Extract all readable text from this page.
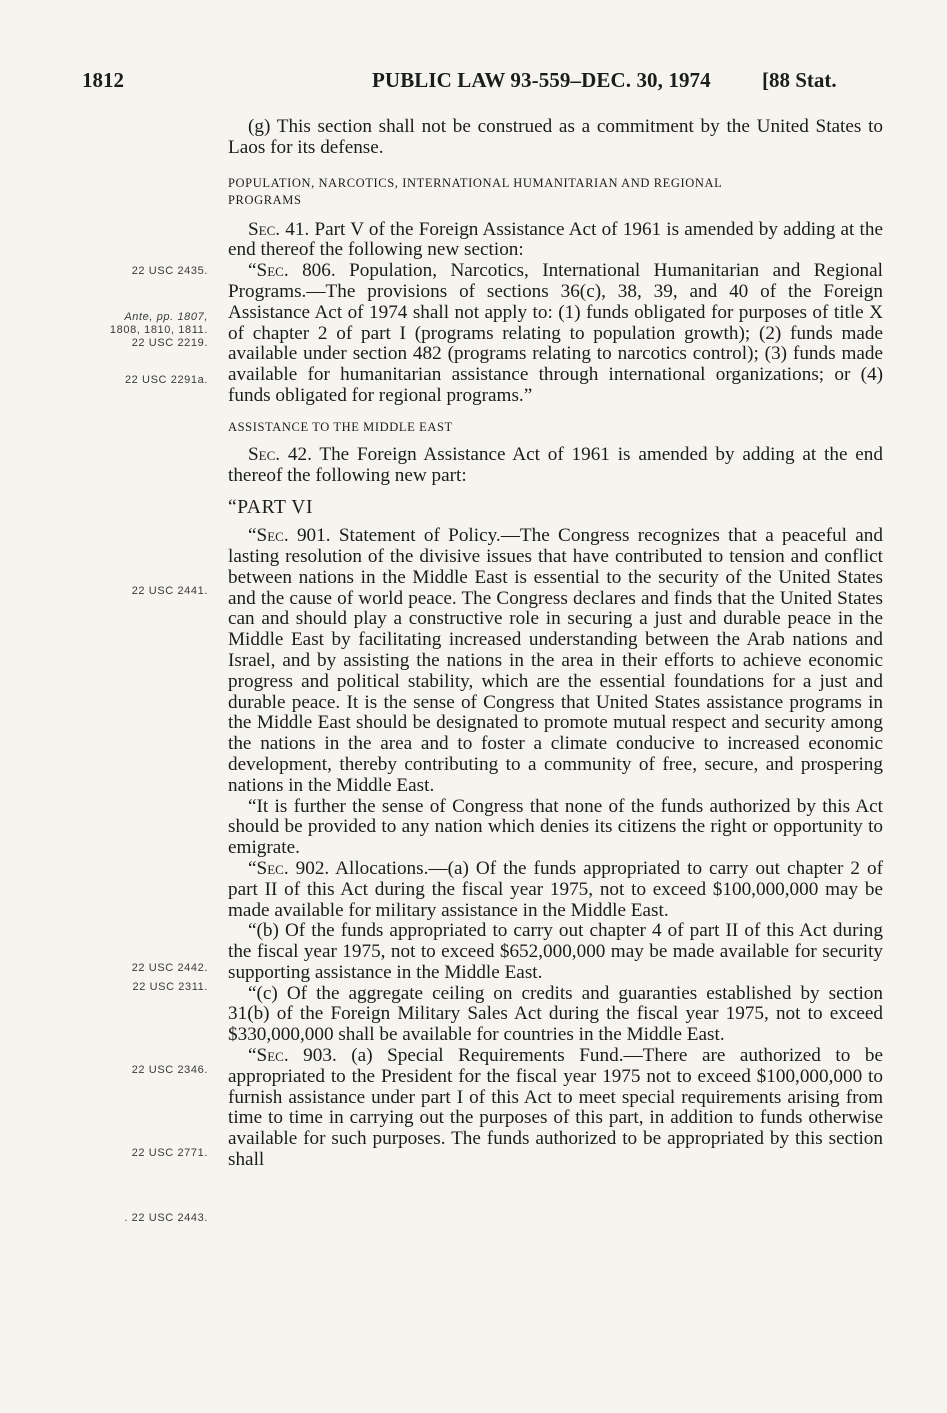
1812	PUBLIC LAW 93-559–DEC. 30, 1974 [88 Stat.
22 USC 2435.
Ante, pp. 1807,
1808, 1810, 1811.
22 USC 2219.
22 USC 2291a.
22 USC 2441.
22 USC 2442.
22 USC 2311.
22 USC 2346.
22 USC 2771.
. 22 USC 2443.

(g) This section shall not be construed as a commitment by the United States to Laos for its defense.

POPULATION, NARCOTICS, INTERNATIONAL HUMANITARIAN AND REGIONAL
PROGRAMS

Sec. 41. Part V of the Foreign Assistance Act of 1961 is amended by adding at the end thereof the following new section:

“Sec. 806. Population, Narcotics, International Humanitarian and Regional Programs.—The provisions of sections 36(c), 38, 39, and 40 of the Foreign Assistance Act of 1974 shall not apply to: (1) funds obligated for purposes of title X of chapter 2 of part I (programs relating to population growth); (2) funds made available under section 482 (programs relating to narcotics control); (3) funds made available for humanitarian assistance through international organizations; or (4) funds obligated for regional programs.”

ASSISTANCE TO THE MIDDLE EAST

Sec. 42. The Foreign Assistance Act of 1961 is amended by adding at the end thereof the following new part:

“PART VI

“Sec. 901. Statement of Policy.—The Congress recognizes that a peaceful and lasting resolution of the divisive issues that have contributed to tension and conflict between nations in the Middle East is essential to the security of the United States and the cause of world peace. The Congress declares and finds that the United States can and should play a constructive role in securing a just and durable peace in the Middle East by facilitating increased understanding between the Arab nations and Israel, and by assisting the nations in the area in their efforts to achieve economic progress and political stability, which are the essential foundations for a just and durable peace. It is the sense of Congress that United States assistance programs in the Middle East should be designated to promote mutual respect and security among the nations in the area and to foster a climate conducive to increased economic development, thereby contributing to a community of free, secure, and prospering nations in the Middle East.

“It is further the sense of Congress that none of the funds authorized by this Act should be provided to any nation which denies its citizens the right or opportunity to emigrate.

“Sec. 902. Allocations.—(a) Of the funds appropriated to carry out chapter 2 of part II of this Act during the fiscal year 1975, not to exceed $100,000,000 may be made available for military assistance in the Middle East.

“(b) Of the funds appropriated to carry out chapter 4 of part II of this Act during the fiscal year 1975, not to exceed $652,000,000 may be made available for security supporting assistance in the Middle East.

“(c) Of the aggregate ceiling on credits and guaranties established by section 31(b) of the Foreign Military Sales Act during the fiscal year 1975, not to exceed $330,000,000 shall be available for countries in the Middle East.

“Sec. 903. (a) Special Requirements Fund.—There are authorized to be appropriated to the President for the fiscal year 1975 not to exceed $100,000,000 to furnish assistance under part I of this Act to meet special requirements arising from time to time in carrying out the purposes of this part, in addition to funds otherwise available for such purposes. The funds authorized to be appropriated by this section shall
